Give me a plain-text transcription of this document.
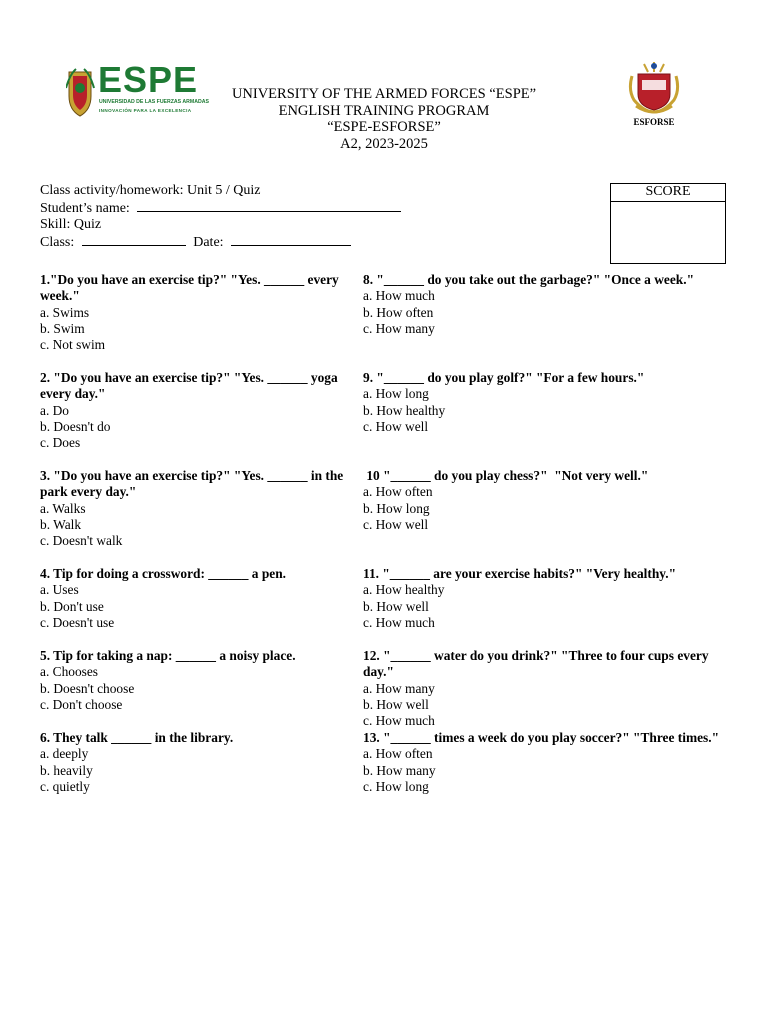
ESPE
UNIVERSIDAD DE LAS FUERZAS ARMADAS
INNOVACIÓN PARA LA EXCELENCIA
ESFORSE
UNIVERSITY OF THE ARMED FORCES “ESPE”
ENGLISH TRAINING PROGRAM
“ESPE-ESFORSE”
A2, 2023-2025
Class activity/homework: Unit 5 / Quiz
Student’s name:
Skill: Quiz
Class:	Date:
SCORE
1."Do you have an exercise tip?" "Yes. ______ every week."
a. Swims
b. Swim
c. Not swim
2. "Do you have an exercise tip?" "Yes. ______ yoga every day."
a. Do
b. Doesn't do
c. Does
3. "Do you have an exercise tip?" "Yes. ______ in the park every day."
a. Walks
b. Walk
c. Doesn't walk
4. Tip for doing a crossword: ______ a pen.
a. Uses
b. Don't use
c. Doesn't use
5. Tip for taking a nap: ______ a noisy place.
a. Chooses
b. Doesn't choose
c. Don't choose
6. They talk ______ in the library.
a. deeply
b. heavily
c. quietly
8. "______ do you take out the garbage?" "Once a week."
a. How much
b. How often
c. How many
9. "______ do you play golf?" "For a few hours."
a. How long
b. How healthy
c. How well
10 "______ do you play chess?"  "Not very well."
a. How often
b. How long
c. How well
11. "______ are your exercise habits?" "Very healthy."
a. How healthy
b. How well
c. How much
12. "______ water do you drink?" "Three to four cups every day."
a. How many
b. How well
c. How much
13. "______ times a week do you play soccer?" "Three times."
a. How often
b. How many
c. How long
